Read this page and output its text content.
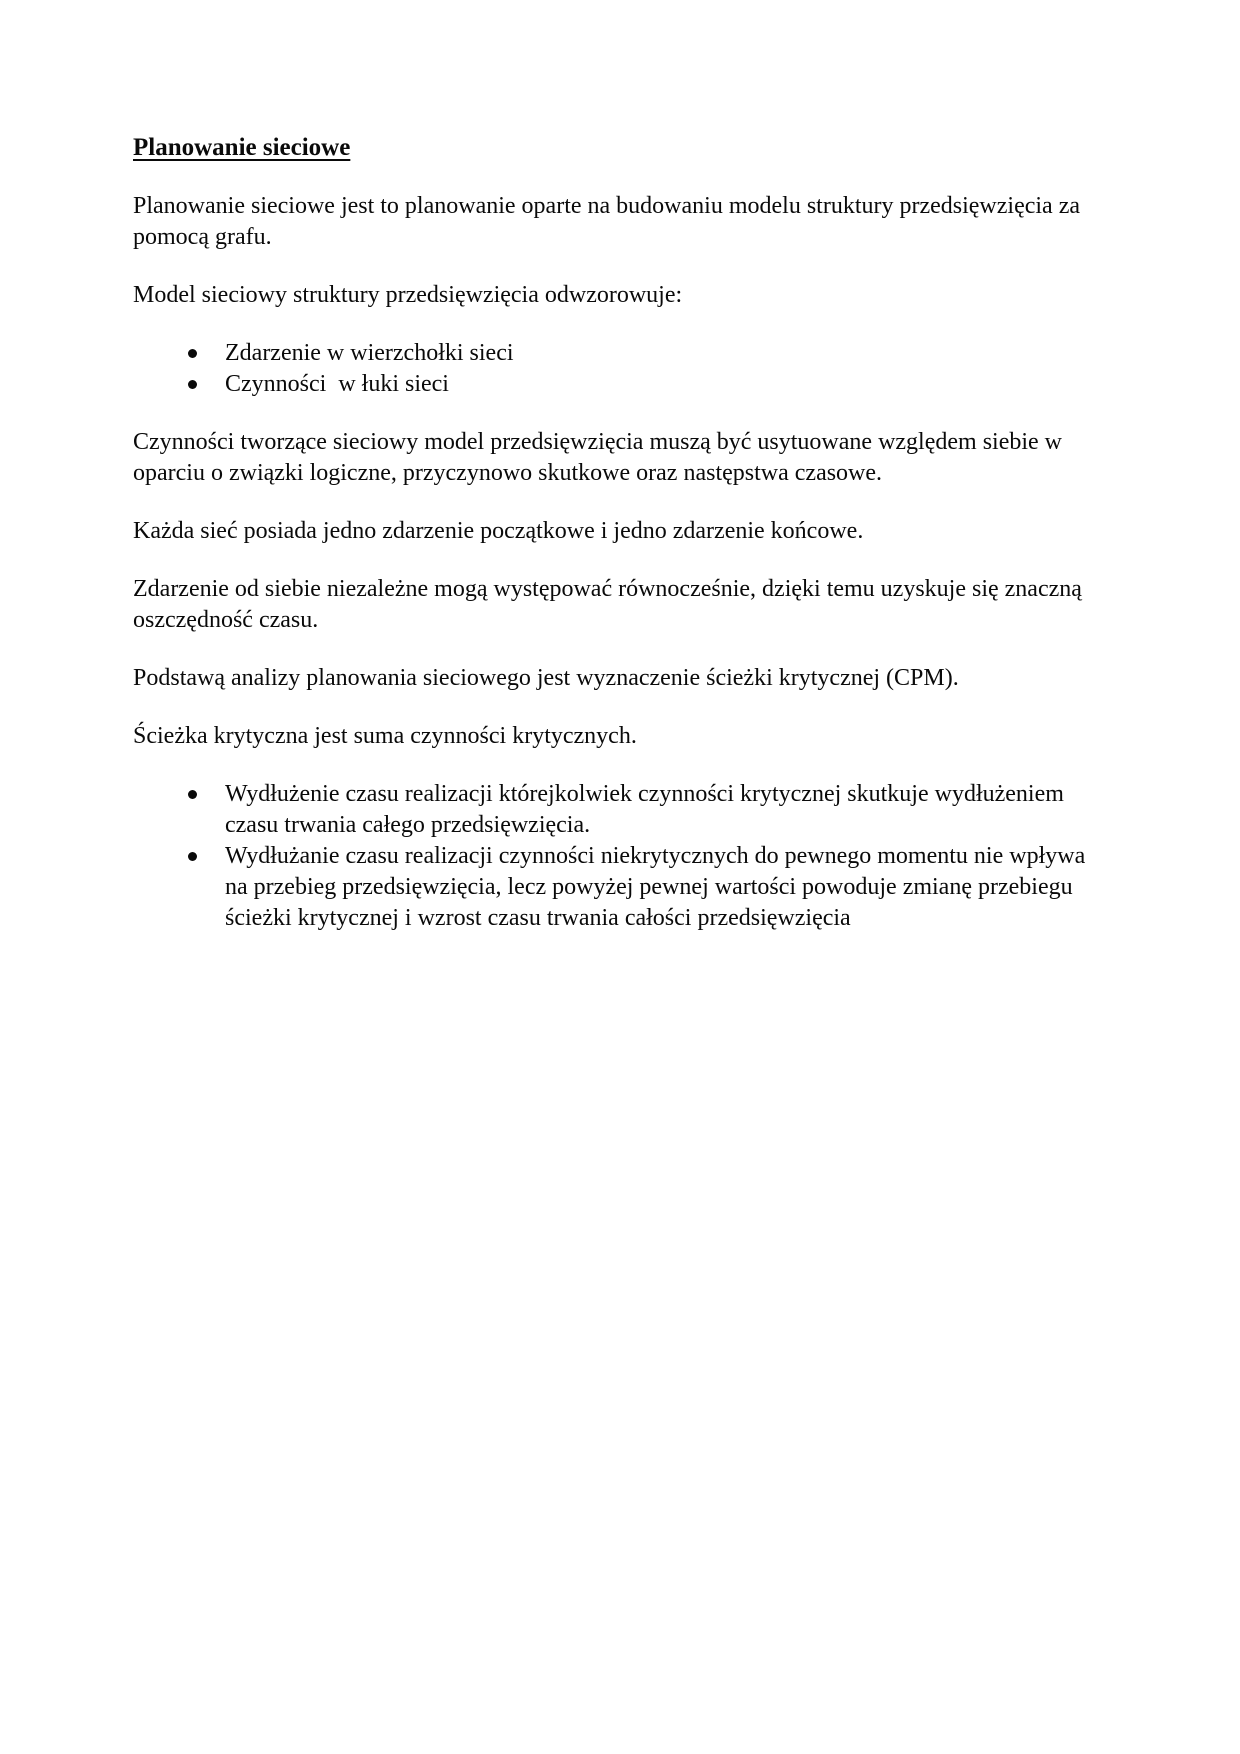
Planowanie sieciowe

Planowanie sieciowe jest to planowanie oparte na budowaniu modelu struktury przedsięwzięcia za pomocą grafu.

Model sieciowy struktury przedsięwzięcia odwzorowuje:

Zdarzenie w wierzchołki sieci
Czynności  w łuki sieci

Czynności tworzące sieciowy model przedsięwzięcia muszą być usytuowane względem siebie w oparciu o związki logiczne, przyczynowo skutkowe oraz następstwa czasowe.

Każda sieć posiada jedno zdarzenie początkowe i jedno zdarzenie końcowe.

Zdarzenie od siebie niezależne mogą występować równocześnie, dzięki temu uzyskuje się znaczną oszczędność czasu.

Podstawą analizy planowania sieciowego jest wyznaczenie ścieżki krytycznej (CPM).

Ścieżka krytyczna jest suma czynności krytycznych.

Wydłużenie czasu realizacji którejkolwiek czynności krytycznej skutkuje wydłużeniem czasu trwania całego przedsięwzięcia.
Wydłużanie czasu realizacji czynności niekrytycznych do pewnego momentu nie wpływa na przebieg przedsięwzięcia, lecz powyżej pewnej wartości powoduje zmianę przebiegu ścieżki krytycznej i wzrost czasu trwania całości przedsięwzięcia
